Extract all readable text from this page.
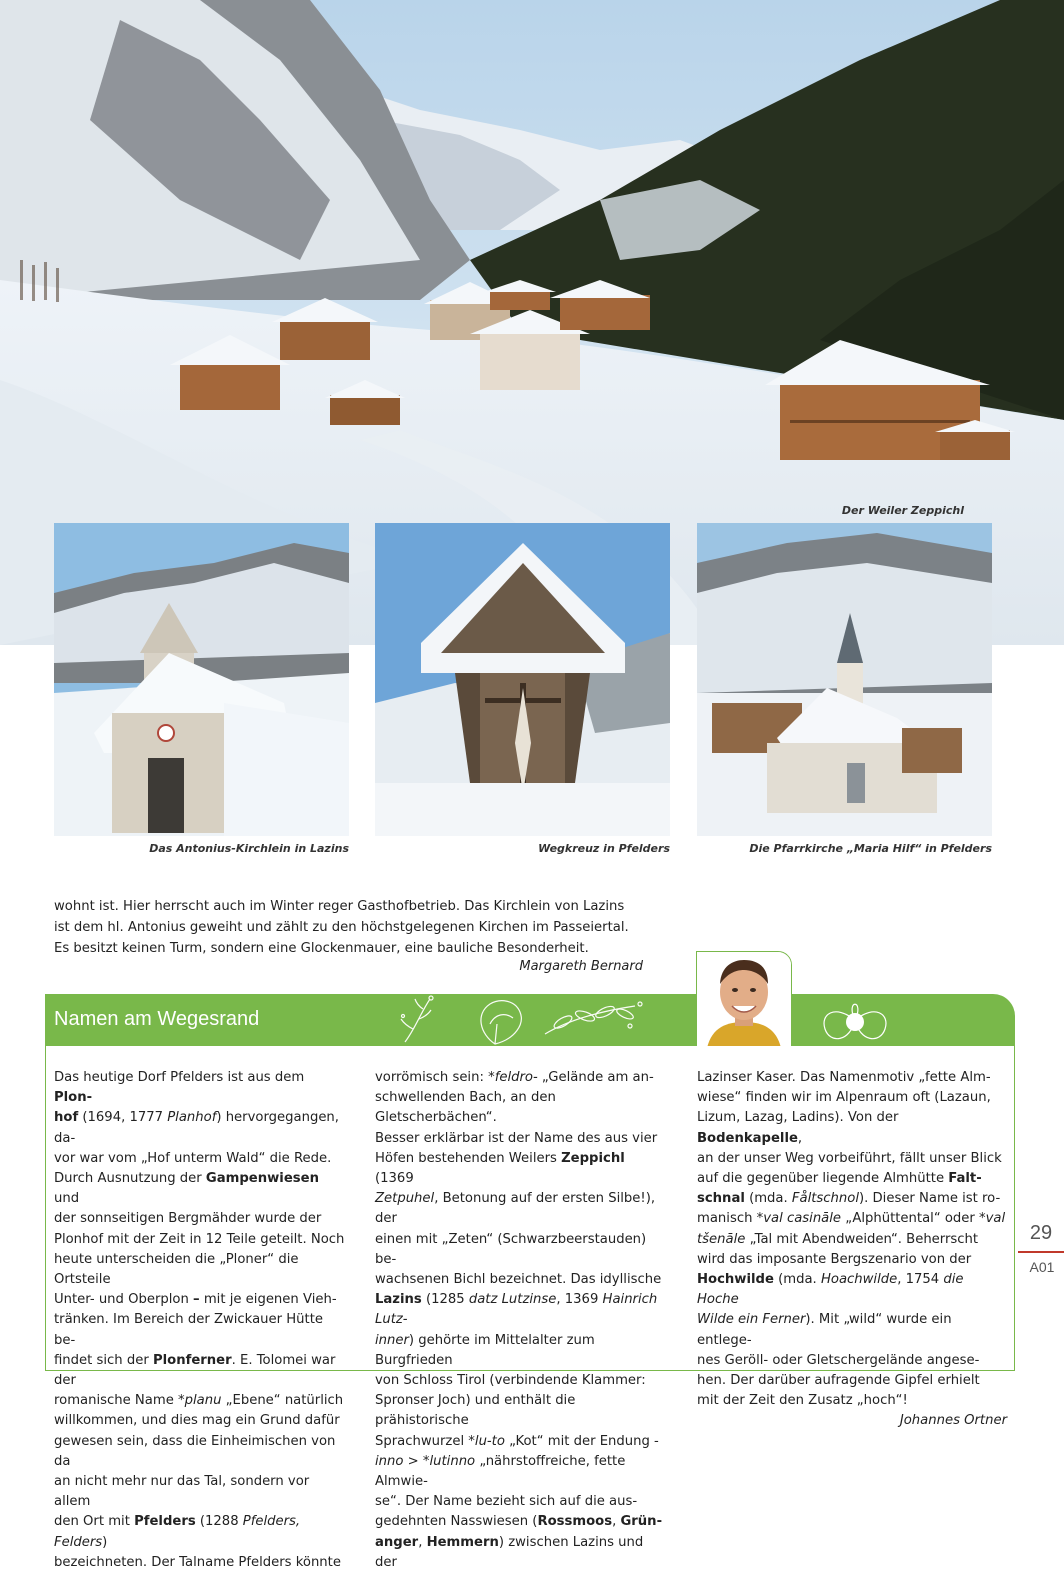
Der Weiler Zeppichl
Das Antonius-Kirchlein in Lazins	Wegkreuz in Pfelders	Die Pfarrkirche „Maria Hilf“ in Pfelders
wohnt ist. Hier herrscht auch im Winter reger Gasthofbetrieb. Das Kirchlein von Lazins
ist dem hl. Antonius geweiht und zählt zu den höchstgelegenen Kirchen im Passeiertal.
Es besitzt keinen Turm, sondern eine Glockenmauer, eine bauliche Besonderheit.
Margareth Bernard
Namen am Wegesrand

Das heutige Dorf Pfelders ist aus dem Plon-
hof (1694, 1777 Planhof) hervorgegangen, da-
vor war vom „Hof unterm Wald“ die Rede.
Durch Ausnutzung der Gampenwiesen und
der sonnseitigen Bergmähder wurde der
Plonhof mit der Zeit in 12 Teile geteilt. Noch
heute unterscheiden die „Ploner“ die Ortsteile
Unter- und Oberplon – mit je eigenen Vieh-
tränken. Im Bereich der Zwickauer Hütte be-
findet sich der Plonferner. E. Tolomei war der
romanische Name *planu „Ebene“ natürlich
willkommen, und dies mag ein Grund dafür
gewesen sein, dass die Einheimischen von da
an nicht mehr nur das Tal, sondern vor allem
den Ort mit Pfelders (1288 Pfelders, Felders)
bezeichneten. Der Talname Pfelders könnte

vorrömisch sein: *feldro- „Gelände am an-
schwellenden Bach, an den Gletscherbächen“.
Besser erklärbar ist der Name des aus vier
Höfen bestehenden Weilers Zeppichl (1369
Zetpuhel, Betonung auf der ersten Silbe!), der
einen mit „Zeten“ (Schwarzbeerstauden) be-
wachsenen Bichl bezeichnet. Das idyllische
Lazins (1285 datz Lutzinse, 1369 Hainrich Lutz-
inner) gehörte im Mittelalter zum Burgfrieden
von Schloss Tirol (verbindende Klammer:
Spronser Joch) und enthält die prähistorische
Sprachwurzel *lu-to „Kot“ mit der Endung -
inno > *lutinno „nährstoffreiche, fette Almwie-
se“. Der Name bezieht sich auf die aus-
gedehnten Nasswiesen (Rossmoos, Grün-
anger, Hemmern) zwischen Lazins und der

Lazinser Kaser. Das Namenmotiv „fette Alm-
wiese“ finden wir im Alpenraum oft (Lazaun,
Lizum, Lazag, Ladins). Von der Bodenkapelle,
an der unser Weg vorbeiführt, fällt unser Blick
auf die gegenüber liegende Almhütte Falt-
schnal (mda. Fåltschnol). Dieser Name ist ro-
manisch *val casināle „Alphüttental“ oder *val
tšenāle „Tal mit Abendweiden“. Beherrscht
wird das imposante Bergszenario von der
Hochwilde (mda. Hoachwilde, 1754 die Hoche
Wilde ein Ferner). Mit „wild“ wurde ein entlege-
nes Geröll- oder Gletschergelände angese-
hen. Der darüber aufragende Gipfel erhielt
mit der Zeit den Zusatz „hoch“!

Johannes Ortner

29
A01
